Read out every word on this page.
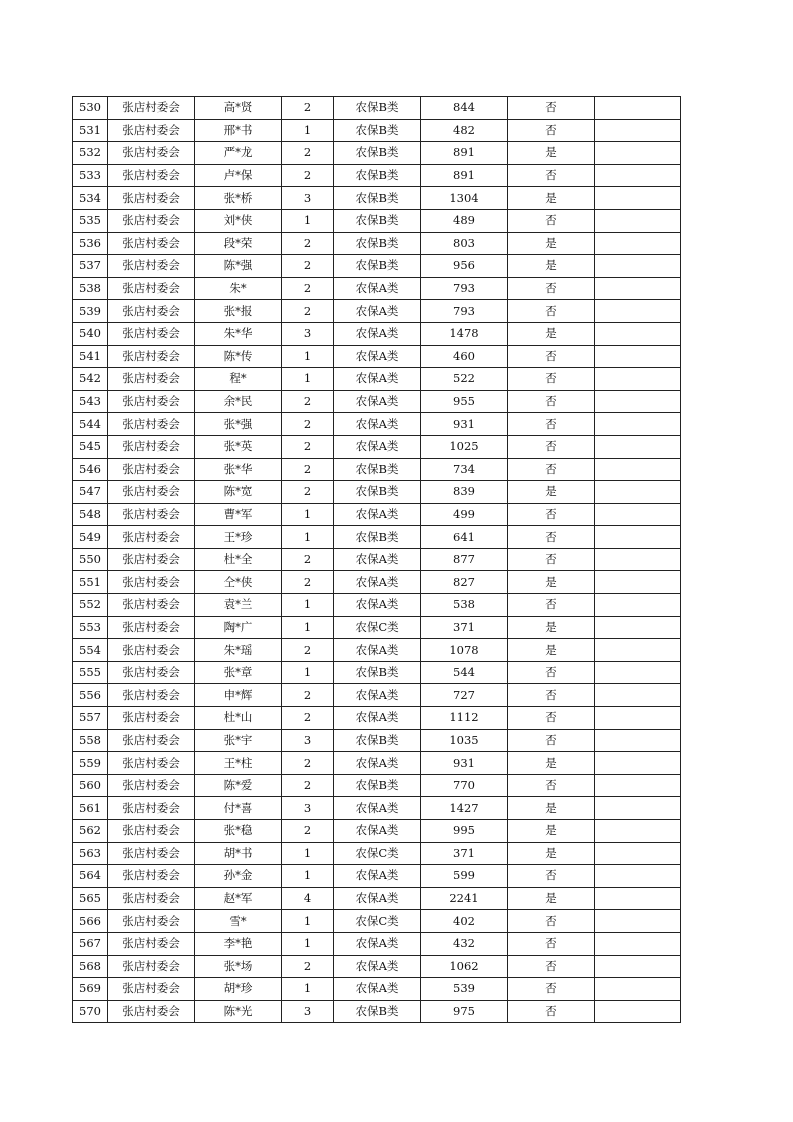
530	张店村委会	高*贤	2	农保B类	844	否	
531	张店村委会	邢*书	1	农保B类	482	否	
532	张店村委会	严*龙	2	农保B类	891	是	
533	张店村委会	卢*保	2	农保B类	891	否	
534	张店村委会	张*桥	3	农保B类	1304	是	
535	张店村委会	刘*侠	1	农保B类	489	否	
536	张店村委会	段*荣	2	农保B类	803	是	
537	张店村委会	陈*强	2	农保B类	956	是	
538	张店村委会	朱*	2	农保A类	793	否	
539	张店村委会	张*报	2	农保A类	793	否	
540	张店村委会	朱*华	3	农保A类	1478	是	
541	张店村委会	陈*传	1	农保A类	460	否	
542	张店村委会	程*	1	农保A类	522	否	
543	张店村委会	余*民	2	农保A类	955	否	
544	张店村委会	张*强	2	农保A类	931	否	
545	张店村委会	张*英	2	农保A类	1025	否	
546	张店村委会	张*华	2	农保B类	734	否	
547	张店村委会	陈*宽	2	农保B类	839	是	
548	张店村委会	曹*军	1	农保A类	499	否	
549	张店村委会	王*珍	1	农保B类	641	否	
550	张店村委会	杜*全	2	农保A类	877	否	
551	张店村委会	仝*侠	2	农保A类	827	是	
552	张店村委会	袁*兰	1	农保A类	538	否	
553	张店村委会	陶*广	1	农保C类	371	是	
554	张店村委会	朱*瑶	2	农保A类	1078	是	
555	张店村委会	张*章	1	农保B类	544	否	
556	张店村委会	申*辉	2	农保A类	727	否	
557	张店村委会	杜*山	2	农保A类	1112	否	
558	张店村委会	张*宇	3	农保B类	1035	否	
559	张店村委会	王*柱	2	农保A类	931	是	
560	张店村委会	陈*爱	2	农保B类	770	否	
561	张店村委会	付*喜	3	农保A类	1427	是	
562	张店村委会	张*稳	2	农保A类	995	是	
563	张店村委会	胡*书	1	农保C类	371	是	
564	张店村委会	孙*金	1	农保A类	599	否	
565	张店村委会	赵*军	4	农保A类	2241	是	
566	张店村委会	雪*	1	农保C类	402	否	
567	张店村委会	李*艳	1	农保A类	432	否	
568	张店村委会	张*场	2	农保A类	1062	否	
569	张店村委会	胡*珍	1	农保A类	539	否	
570	张店村委会	陈*光	3	农保B类	975	否	
